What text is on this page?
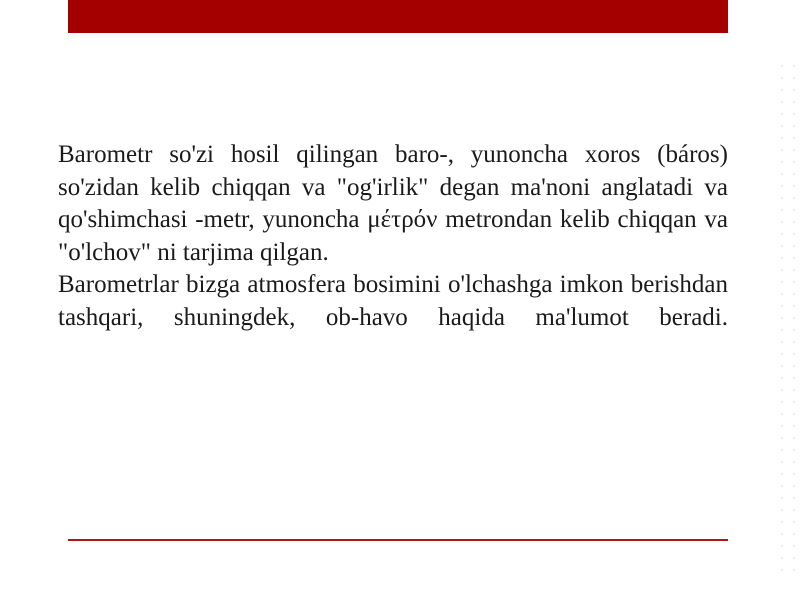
Barometr so'zi hosil qilingan baro-, yunoncha xoros (báros) so'zidan kelib chiqqan va "og'irlik" degan ma'noni anglatadi va qo'shimchasi -metr, yunoncha μέτρόν metrondan kelib chiqqan va "o'lchov" ni tarjima qilgan.

Barometrlar bizga atmosfera bosimini o'lchashga imkon berishdan tashqari, shuningdek, ob-havo haqida ma'lumot beradi.
